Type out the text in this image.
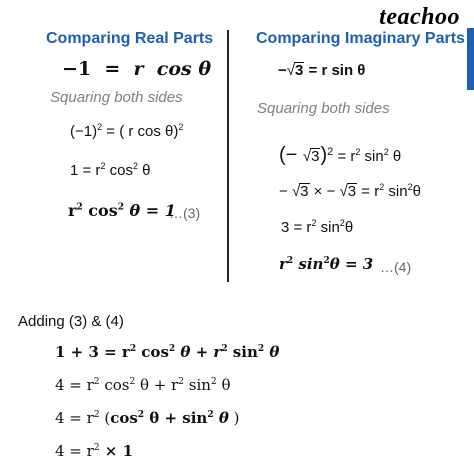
teachoo
Comparing Real Parts
−1 = r cos θ
Squaring both sides
$(-1)^2$ = ( r cos θ)$^2$
$1 = r^2$ $\cos^2 \theta$
$r^2$ $\cos^2 \theta = 1$
…(3)
Comparing Imaginary Parts
−√3 = r sin θ
Squaring both sides
(− $√3)^2 = r^2$ $\sin^2 \theta$
− √3 × − $√3 = r^2$ $\sin^2\theta$
$3 = r^2$ $\sin^2\theta$
$r^2$ $\sin^2\theta = 3$ …(4)
Adding (3) & (4)
$1 + 3 = r^2$ $\cos^2 \theta + r^2$ $\sin^2 \theta$
$4 = r^2$ $\cos^2 \theta + r^2$ $\sin^2 \theta$
$4 = r^2$ ($\cos^2$ $\theta + \sin^2 \theta$ )
$4 = r^2 \times 1$
